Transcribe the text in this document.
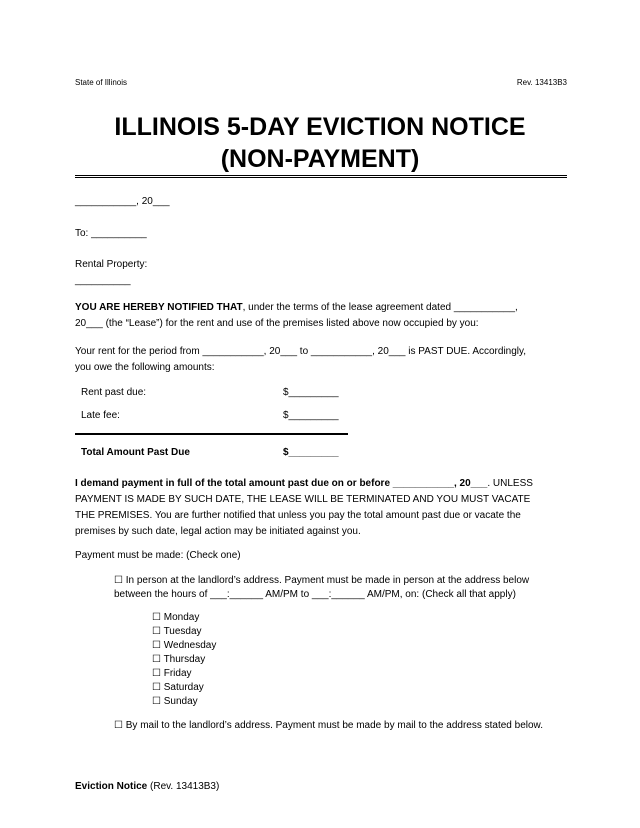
State of Illinois	Rev. 13413B3
ILLINOIS 5-DAY EVICTION NOTICE
(NON-PAYMENT)
___________, 20___
To: __________
Rental Property:
__________
YOU ARE HEREBY NOTIFIED THAT, under the terms of the lease agreement dated ___________,
20___ (the “Lease”) for the rent and use of the premises listed above now occupied by you:
Your rent for the period from ___________, 20___ to ___________, 20___ is PAST DUE. Accordingly,
you owe the following amounts:
Rent past due:	$_________
Late fee:	$_________
Total Amount Past Due	$_________
I demand payment in full of the total amount past due on or before ___________, 20___. UNLESS
PAYMENT IS MADE BY SUCH DATE, THE LEASE WILL BE TERMINATED AND YOU MUST VACATE
THE PREMISES. You are further notified that unless you pay the total amount past due or vacate the
premises by such date, legal action may be initiated against you.
Payment must be made: (Check one)
☐ In person at the landlord’s address. Payment must be made in person at the address below
between the hours of ___:______ AM/PM to ___:______ AM/PM, on: (Check all that apply)
☐ Monday
☐ Tuesday
☐ Wednesday
☐ Thursday
☐ Friday
☐ Saturday
☐ Sunday
☐ By mail to the landlord’s address. Payment must be made by mail to the address stated below.
Eviction Notice (Rev. 13413B3)
